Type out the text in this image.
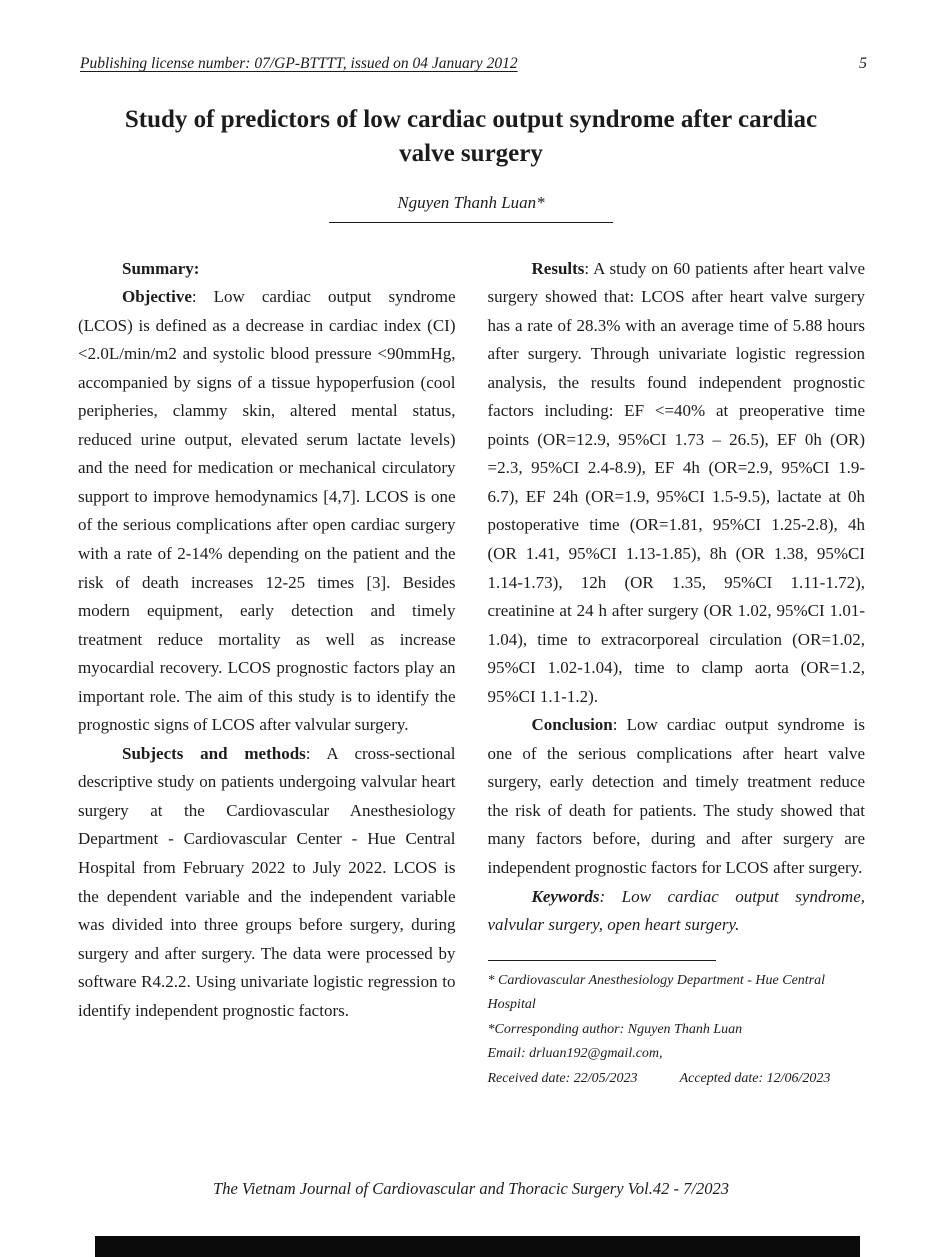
Publishing license number: 07/GP-BTTTT, issued on 04 January 2012	5
Study of predictors of low cardiac output syndrome after cardiac valve surgery
Nguyen Thanh Luan*

Summary:

Objective: Low cardiac output syndrome (LCOS) is defined as a decrease in cardiac index (CI) <2.0L/min/m2 and systolic blood pressure <90mmHg, accompanied by signs of a tissue hypoperfusion (cool peripheries, clammy skin, altered mental status, reduced urine output, elevated serum lactate levels) and the need for medication or mechanical circulatory support to improve hemodynamics [4,7]. LCOS is one of the serious complications after open cardiac surgery with a rate of 2-14% depending on the patient and the risk of death increases 12-25 times [3]. Besides modern equipment, early detection and timely treatment reduce mortality as well as increase myocardial recovery. LCOS prognostic factors play an important role. The aim of this study is to identify the prognostic signs of LCOS after valvular surgery.

Subjects and methods: A cross-sectional descriptive study on patients undergoing valvular heart surgery at the Cardiovascular Anesthesiology Department - Cardiovascular Center - Hue Central Hospital from February 2022 to July 2022. LCOS is the dependent variable and the independent variable was divided into three groups before surgery, during surgery and after surgery. The data were processed by software R4.2.2. Using univariate logistic regression to identify independent prognostic factors.

Results: A study on 60 patients after heart valve surgery showed that: LCOS after heart valve surgery has a rate of 28.3% with an average time of 5.88 hours after surgery. Through univariate logistic regression analysis, the results found independent prognostic factors including: EF <=40% at preoperative time points (OR=12.9, 95%CI 1.73 – 26.5), EF 0h (OR) =2.3, 95%CI 2.4-8.9), EF 4h (OR=2.9, 95%CI 1.9-6.7), EF 24h (OR=1.9, 95%CI 1.5-9.5), lactate at 0h postoperative time (OR=1.81, 95%CI 1.25-2.8), 4h (OR 1.41, 95%CI 1.13-1.85), 8h (OR 1.38, 95%CI 1.14-1.73), 12h (OR 1.35, 95%CI 1.11-1.72), creatinine at 24 h after surgery (OR 1.02, 95%CI 1.01-1.04), time to extracorporeal circulation (OR=1.02, 95%CI 1.02-1.04), time to clamp aorta (OR=1.2, 95%CI 1.1-1.2).

Conclusion: Low cardiac output syndrome is one of the serious complications after heart valve surgery, early detection and timely treatment reduce the risk of death for patients. The study showed that many factors before, during and after surgery are independent prognostic factors for LCOS after surgery.

Keywords: Low cardiac output syndrome, valvular surgery, open heart surgery.

* Cardiovascular Anesthesiology Department - Hue Central Hospital

*Corresponding author: Nguyen Thanh Luan

Email: drluan192@gmail.com,

Received date: 22/05/2023	Accepted date: 12/06/2023

The Vietnam Journal of Cardiovascular and Thoracic Surgery Vol.42 - 7/2023
